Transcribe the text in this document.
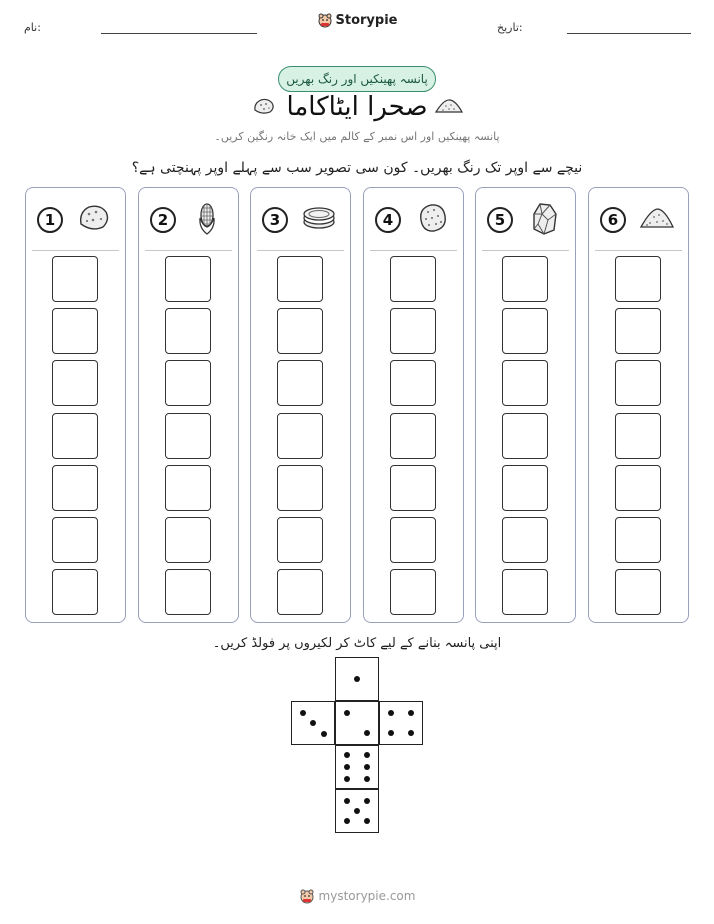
نام:	Storypie	تاریخ:
پانسہ پھینکیں اور رنگ بھریں
صحرا ایٹاکاما
پانسہ پھینکیں اور اس نمبر کے کالم میں ایک خانہ رنگین کریں۔
نیچے سے اوپر تک رنگ بھریں۔ کون سی تصویر سب سے پہلے اوپر پہنچتی ہے؟
1	2	3	4	5	6
اپنی پانسہ بنانے کے لیے کاٹ کر لکیروں پر فولڈ کریں۔
mystorypie.com
